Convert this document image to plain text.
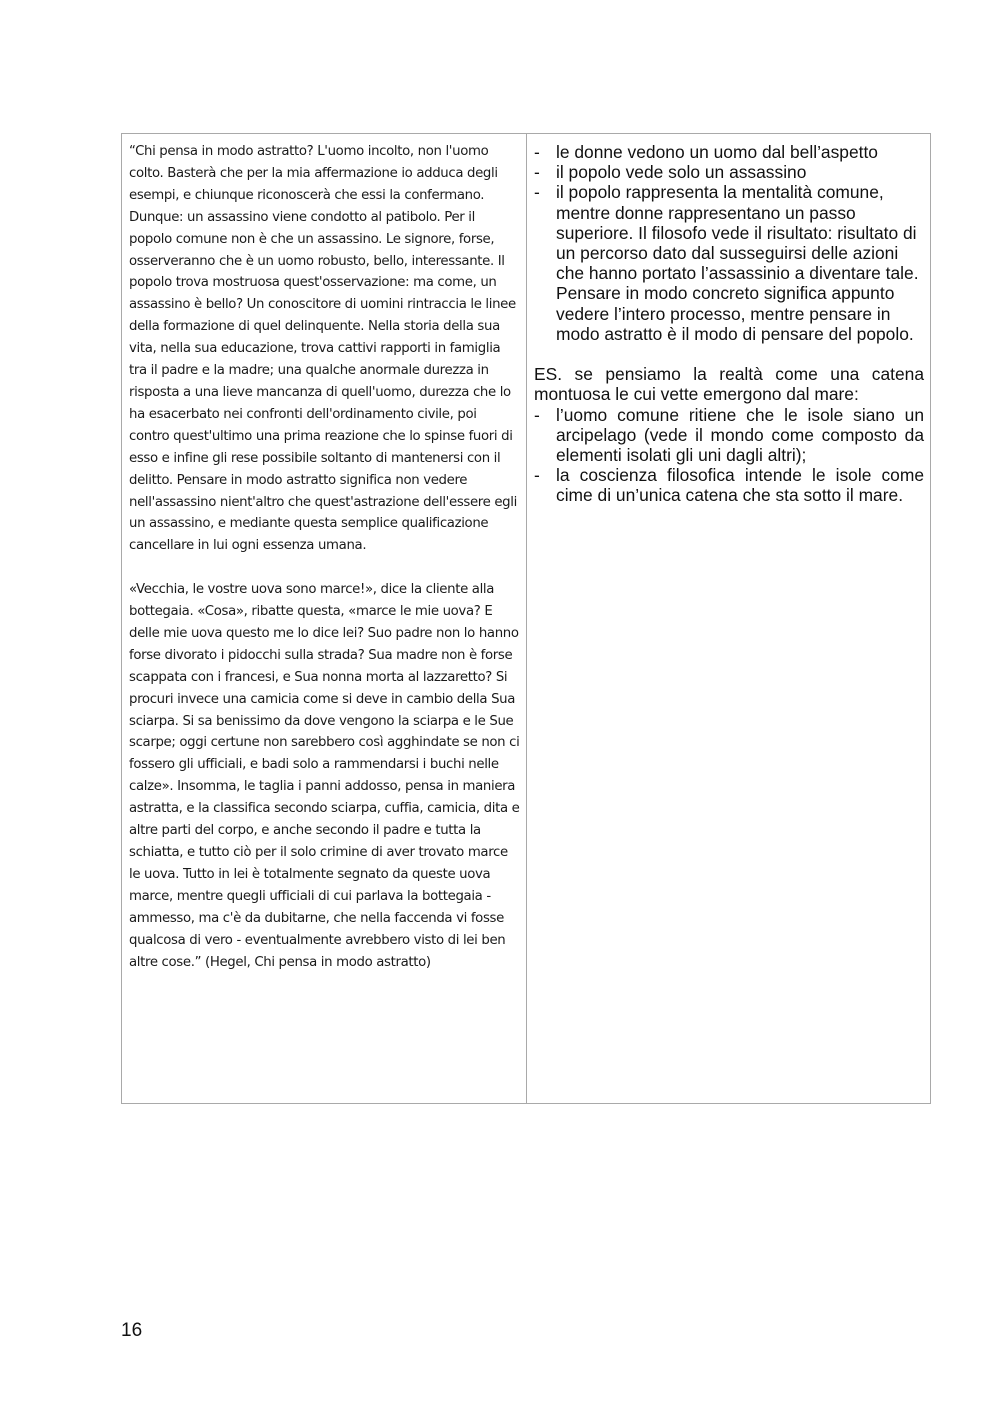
“Chi pensa in modo astratto? L'uomo incolto, non l'uomo colto. Basterà che per la mia affermazione io adduca degli esempi, e chiunque riconoscerà che essi la confermano. Dunque: un assassino viene condotto al patibolo. Per il popolo comune non è che un assassino. Le signore, forse, osserveranno che è un uomo robusto, bello, interessante. Il popolo trova mostruosa quest'osservazione: ma come, un assassino è bello? Un conoscitore di uomini rintraccia le linee della formazione di quel delinquente. Nella storia della sua vita, nella sua educazione, trova cattivi rapporti in famiglia tra il padre e la madre; una qualche anormale durezza in risposta a una lieve mancanza di quell'uomo, durezza che lo ha esacerbato nei confronti dell'ordinamento civile, poi contro quest'ultimo una prima reazione che lo spinse fuori di esso e infine gli rese possibile soltanto di mantenersi con il delitto. Pensare in modo astratto significa non vedere nell'assassino nient'altro che quest'astrazione dell'essere egli un assassino, e mediante questa semplice qualificazione cancellare in lui ogni essenza umana.

«Vecchia, le vostre uova sono marce!», dice la cliente alla bottegaia. «Cosa», ribatte questa, «marce le mie uova? E delle mie uova questo me lo dice lei? Suo padre non lo hanno forse divorato i pidocchi sulla strada? Sua madre non è forse scappata con i francesi, e Sua nonna morta al lazzaretto? Si procuri invece una camicia come si deve in cambio della Sua sciarpa. Si sa benissimo da dove vengono la sciarpa e le Sue scarpe; oggi certune non sarebbero così agghindate se non ci fossero gli ufficiali, e badi solo a rammendarsi i buchi nelle calze». Insomma, le taglia i panni addosso, pensa in maniera astratta, e la classifica secondo sciarpa, cuffia, camicia, dita e altre parti del corpo, e anche secondo il padre e tutta la schiatta, e tutto ciò per il solo crimine di aver trovato marce le uova. Tutto in lei è totalmente segnato da queste uova marce, mentre quegli ufficiali di cui parlava la bottegaia - ammesso, ma c'è da dubitarne, che nella faccenda vi fosse qualcosa di vero - eventualmente avrebbero visto di lei ben altre cose.” (Hegel, Chi pensa in modo astratto)

- le donne vedono un uomo dal bell’aspetto
- il popolo vede solo un assassino
- il popolo rappresenta la mentalità comune, mentre donne rappresentano un passo superiore. Il filosofo vede il risultato: risultato di un percorso dato dal susseguirsi delle azioni che hanno portato l’assassinio a diventare tale. Pensare in modo concreto significa appunto vedere l’intero processo, mentre pensare in modo astratto è il modo di pensare del popolo.
ES. se pensiamo la realtà come una catena montuosa le cui vette emergono dal mare:
- l’uomo comune ritiene che le isole siano un arcipelago (vede il mondo come composto da elementi isolati gli uni dagli altri);
- la coscienza filosofica intende le isole come cime di un’unica catena che sta sotto il mare.
16
